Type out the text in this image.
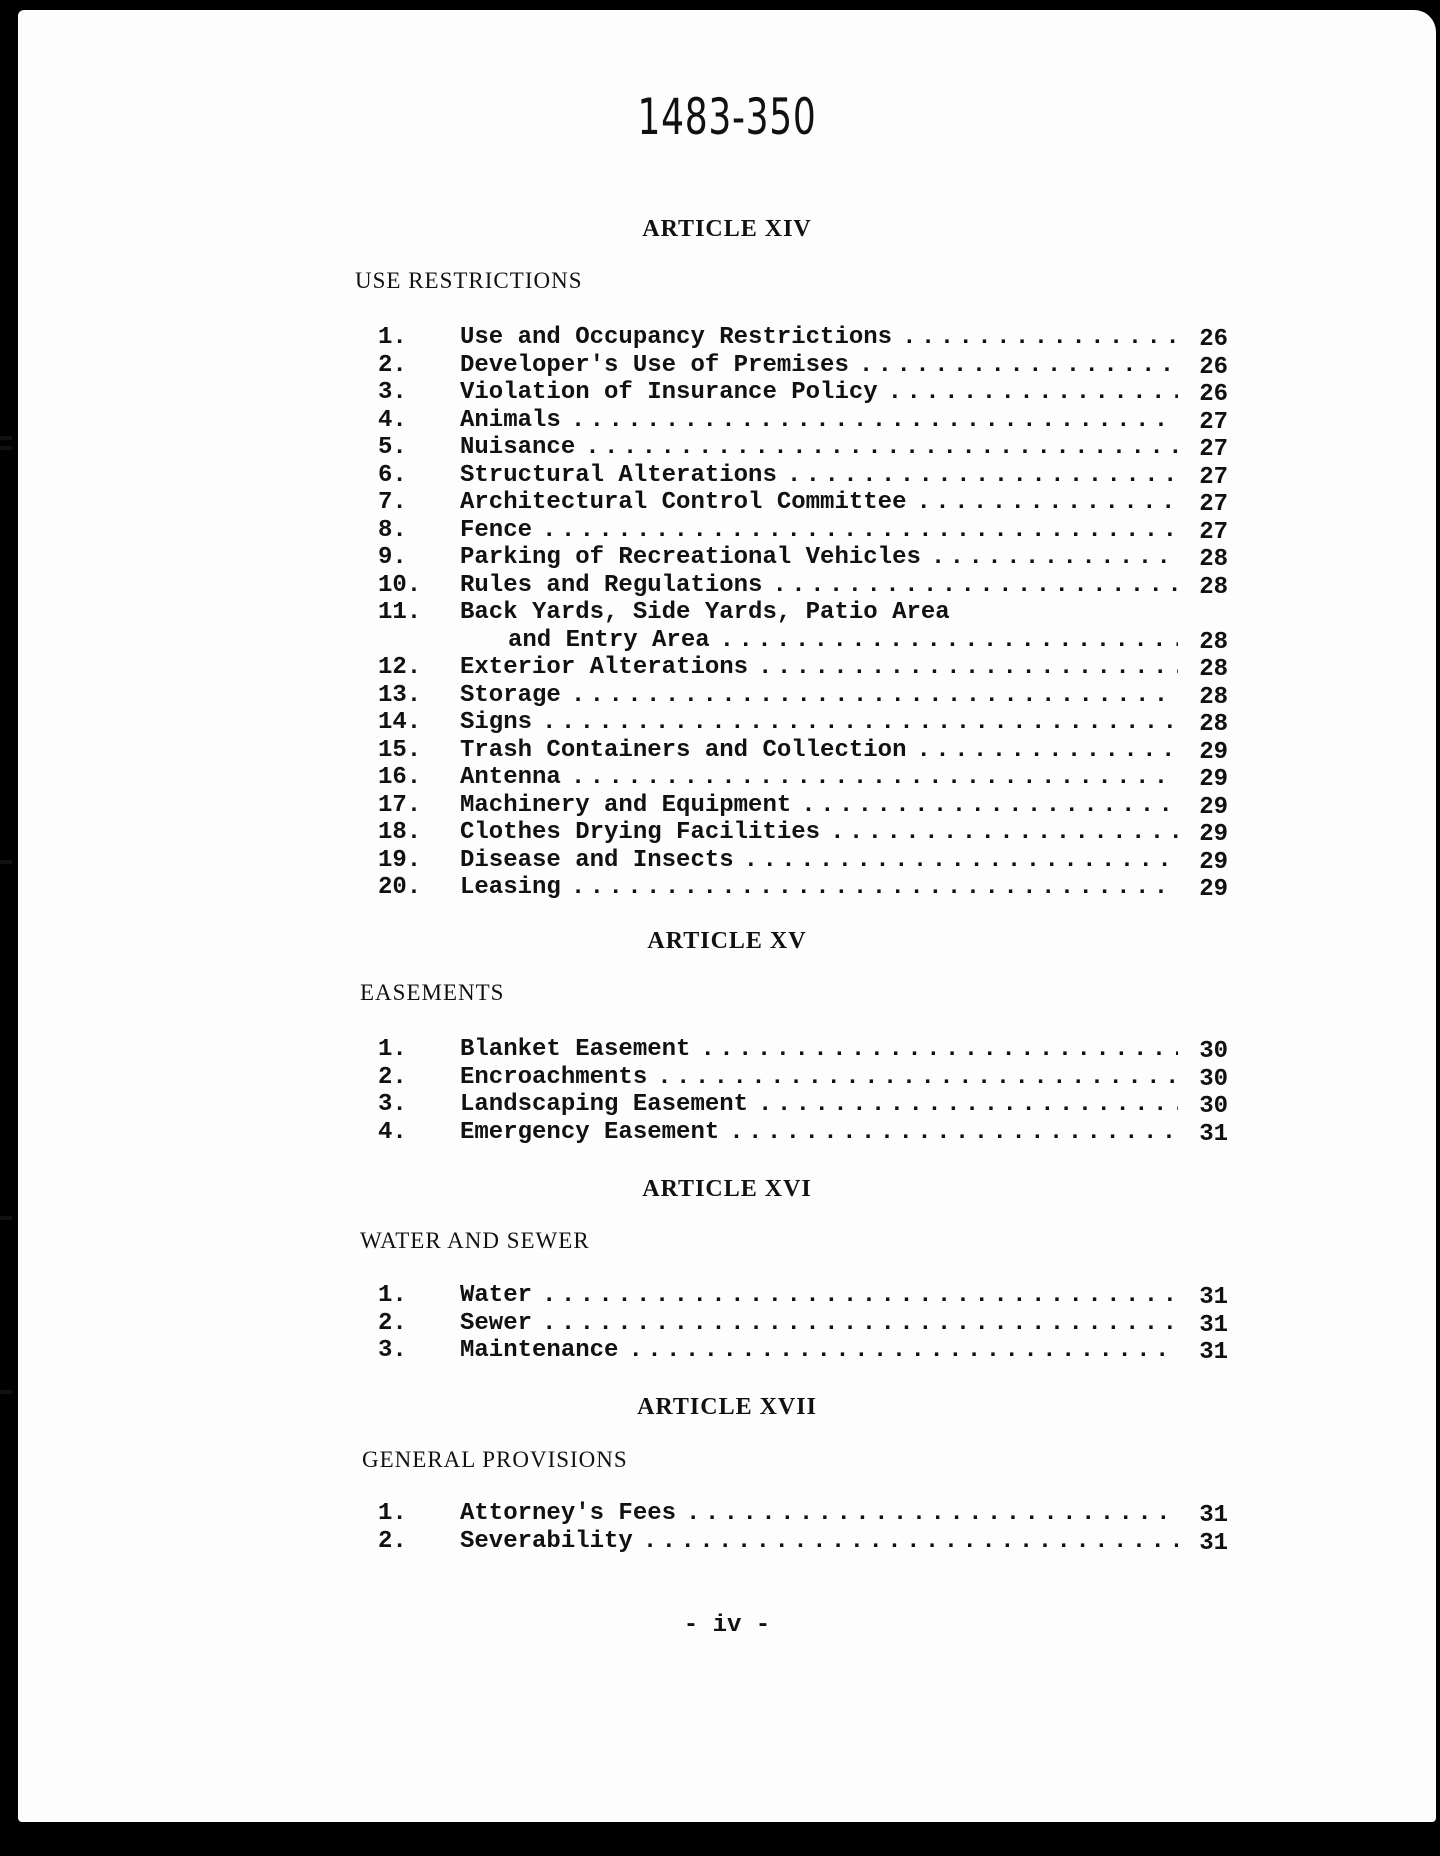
1483-350
ARTICLE XIV
USE RESTRICTIONS
1.	Use and Occupancy Restrictions . . .	26
2.	Developer's Use of Premises . . .	26
3.	Violation of Insurance Policy . . .	26
4.	Animals . . .	27
5.	Nuisance . . .	27
6.	Structural Alterations . . .	27
7.	Architectural Control Committee . . .	27
8.	Fence . . .	27
9.	Parking of Recreational Vehicles . . .	28
10.	Rules and Regulations . . .	28
11.	Back Yards, Side Yards, Patio Area
and Entry Area . . .	28
12.	Exterior Alterations . . .	28
13.	Storage . . .	28
14.	Signs . . .	28
15.	Trash Containers and Collection . . .	29
16.	Antenna . . .	29
17.	Machinery and Equipment . . .	29
18.	Clothes Drying Facilities . . .	29
19.	Disease and Insects . . .	29
20.	Leasing . . .	29
ARTICLE XV
EASEMENTS
1.	Blanket Easement . . .	30
2.	Encroachments . . .	30
3.	Landscaping Easement . . .	30
4.	Emergency Easement . . .	31
ARTICLE XVI
WATER AND SEWER
1.	Water . . .	31
2.	Sewer . . .	31
3.	Maintenance . . .	31
ARTICLE XVII
GENERAL PROVISIONS
1.	Attorney's Fees . . .	31
2.	Severability . . .	31
- iv -
